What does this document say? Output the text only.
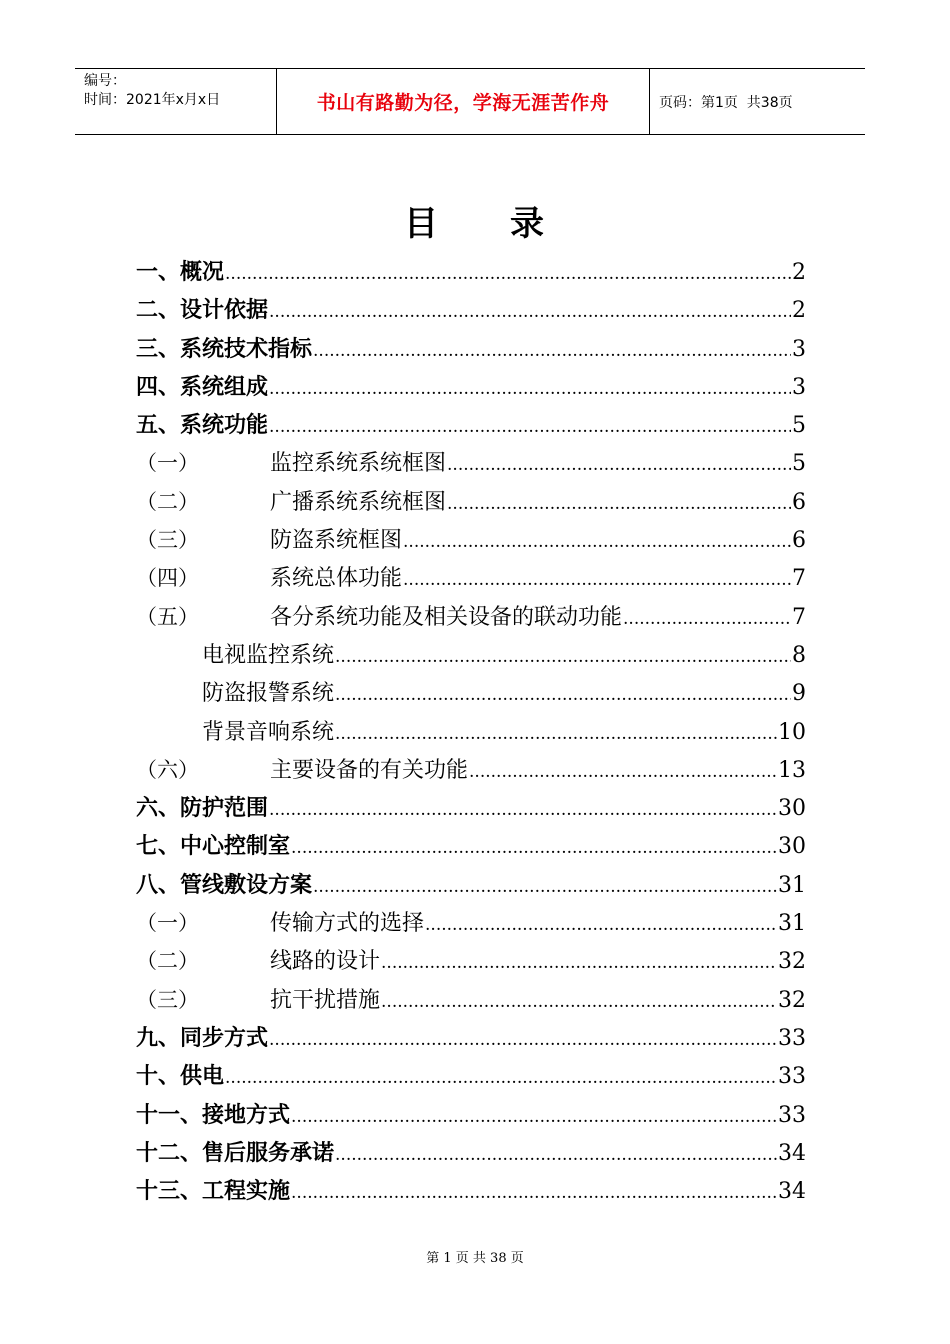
编号：
时间：2021年x月x日	书山有路勤为径，学海无涯苦作舟	页码：第1页  共38页
目 录
一、概况 .....	2
二、设计依据 .....	2
三、系统技术指标 .....	3
四、系统组成 .....	3
五、系统功能 .....	5
（一）	监控系统系统框图 .....	5
（二）	广播系统系统框图 .....	6
（三）	防盗系统框图 .....	6
（四）	系统总体功能 .....	7
（五）	各分系统功能及相关设备的联动功能 .....	7
电视监控系统 .....	8
防盗报警系统 .....	9
背景音响系统 .....	10
（六）	主要设备的有关功能 .....	13
六、防护范围 .....	30
七、中心控制室 .....	30
八、管线敷设方案 .....	31
（一）	传输方式的选择 .....	31
（二）	线路的设计 .....	32
（三）	抗干扰措施 .....	32
九、同步方式 .....	33
十、供电 .....	33
十一、接地方式 .....	33
十二、售后服务承诺 .....	34
十三、工程实施 .....	34
第 1 页 共 38 页
